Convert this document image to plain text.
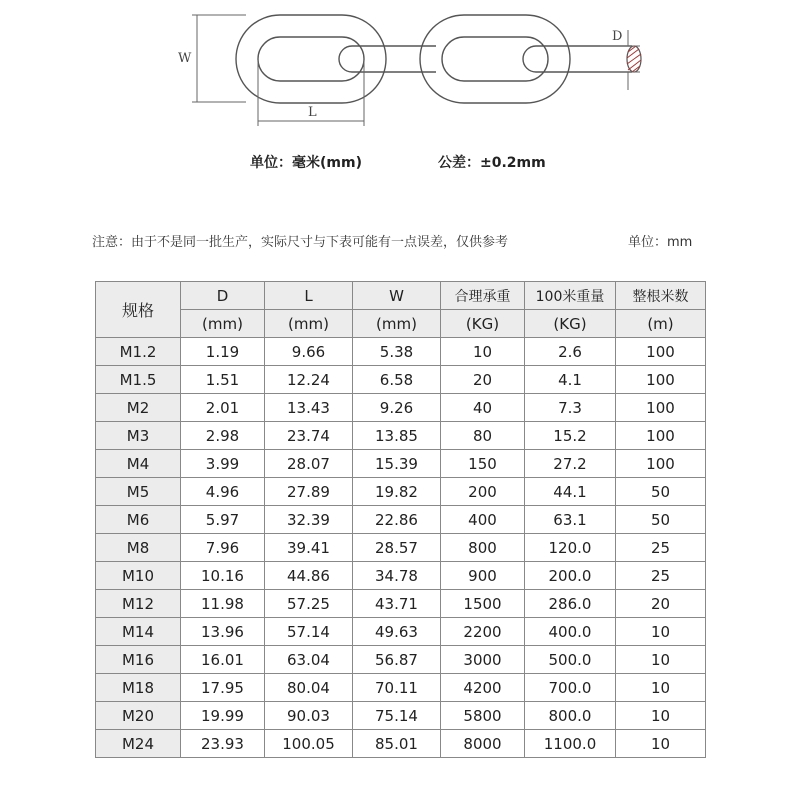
W
D
L
单位：毫米(mm)	公差：±0.2mm
注意：由于不是同一批生产，实际尺寸与下表可能有一点误差，仅供参考	单位：mm
规格	D	L	W	合理承重	100米重量	整根米数
	(mm)	(mm)	(mm)	(KG)	(KG)	(m)
M1.2	1.19	9.66	5.38	10	2.6	100
M1.5	1.51	12.24	6.58	20	4.1	100
M2	2.01	13.43	9.26	40	7.3	100
M3	2.98	23.74	13.85	80	15.2	100
M4	3.99	28.07	15.39	150	27.2	100
M5	4.96	27.89	19.82	200	44.1	50
M6	5.97	32.39	22.86	400	63.1	50
M8	7.96	39.41	28.57	800	120.0	25
M10	10.16	44.86	34.78	900	200.0	25
M12	11.98	57.25	43.71	1500	286.0	20
M14	13.96	57.14	49.63	2200	400.0	10
M16	16.01	63.04	56.87	3000	500.0	10
M18	17.95	80.04	70.11	4200	700.0	10
M20	19.99	90.03	75.14	5800	800.0	10
M24	23.93	100.05	85.01	8000	1100.0	10
